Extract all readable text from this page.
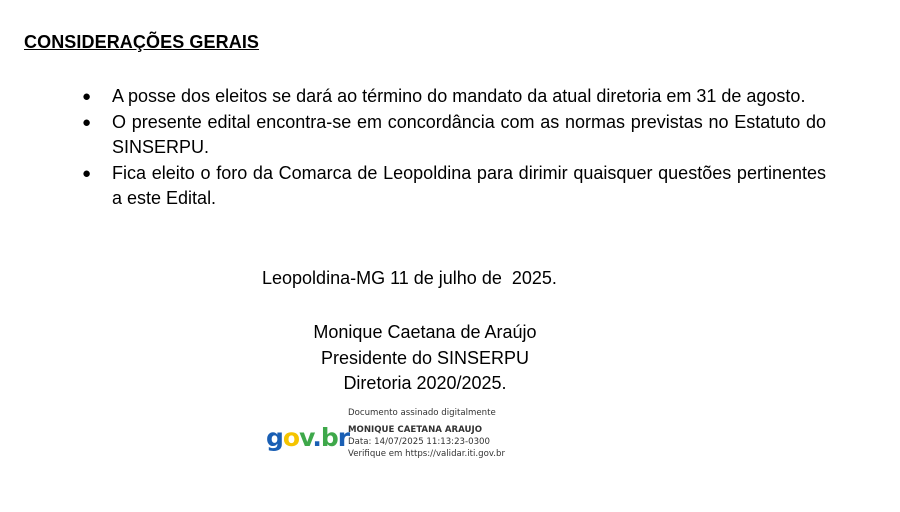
CONSIDERAÇÕES GERAIS

●	A posse dos eleitos se dará ao término do mandato da atual diretoria em 31 de agosto.

●	O presente edital encontra-se em concordância com as normas previstas no Estatuto do SINSERPU.

●	Fica eleito o foro da Comarca de Leopoldina para dirimir quaisquer questões pertinentes a este Edital.

Leopoldina-MG 11 de julho de  2025.
Monique Caetana de Araújo
Presidente do SINSERPU
Diretoria 2020/2025.
gov.br
Documento assinado digitalmente
MONIQUE CAETANA ARAUJO
Data: 14/07/2025 11:13:23-0300
Verifique em https://validar.iti.gov.br
